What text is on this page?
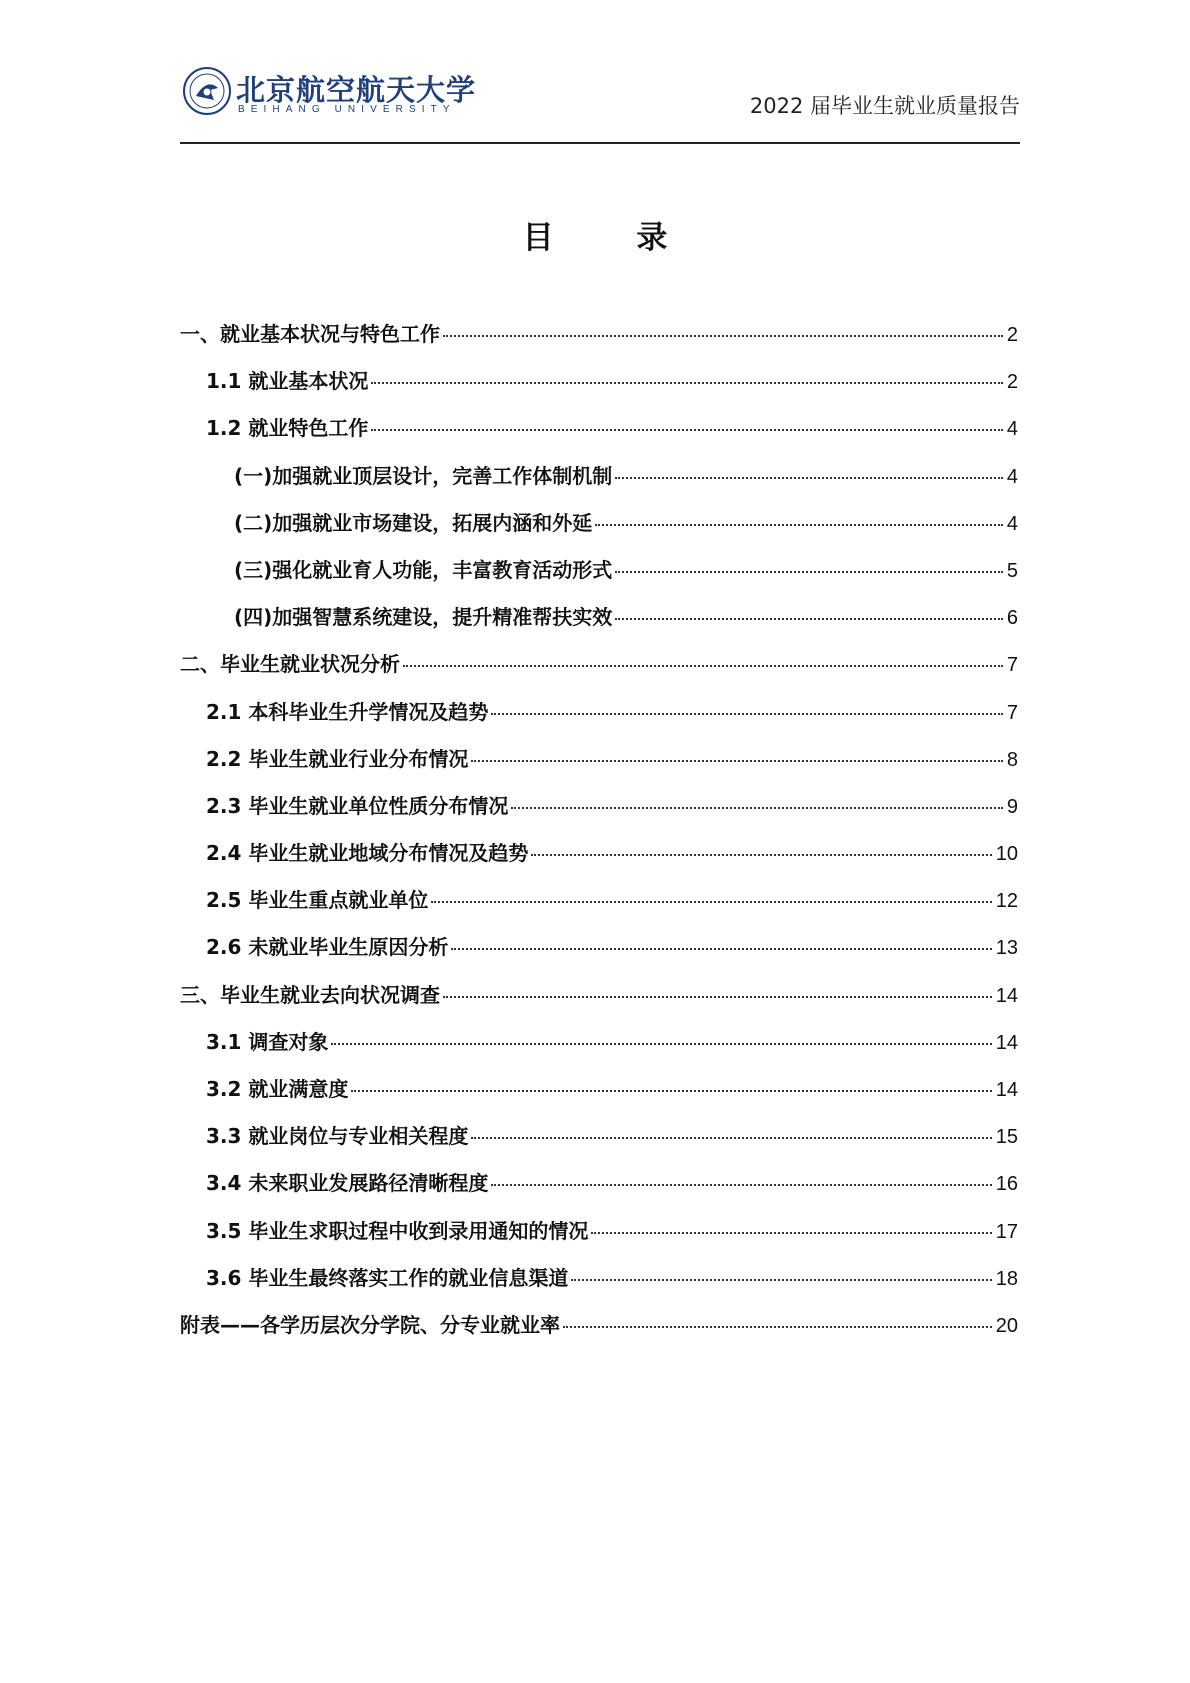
北京航空航天大学
BEIHANG UNIVERSITY	2022 届毕业生就业质量报告
目 录
一、就业基本状况与特色工作	2
1.1 就业基本状况	2
1.2 就业特色工作	4
(一)加强就业顶层设计，完善工作体制机制	4
(二)加强就业市场建设，拓展内涵和外延	4
(三)强化就业育人功能，丰富教育活动形式	5
(四)加强智慧系统建设，提升精准帮扶实效	6
二、毕业生就业状况分析	7
2.1 本科毕业生升学情况及趋势	7
2.2 毕业生就业行业分布情况	8
2.3 毕业生就业单位性质分布情况	9
2.4 毕业生就业地域分布情况及趋势	10
2.5 毕业生重点就业单位	12
2.6 未就业毕业生原因分析	13
三、毕业生就业去向状况调查	14
3.1 调查对象	14
3.2 就业满意度	14
3.3 就业岗位与专业相关程度	15
3.4 未来职业发展路径清晰程度	16
3.5 毕业生求职过程中收到录用通知的情况	17
3.6 毕业生最终落实工作的就业信息渠道	18
附表——各学历层次分学院、分专业就业率	20
